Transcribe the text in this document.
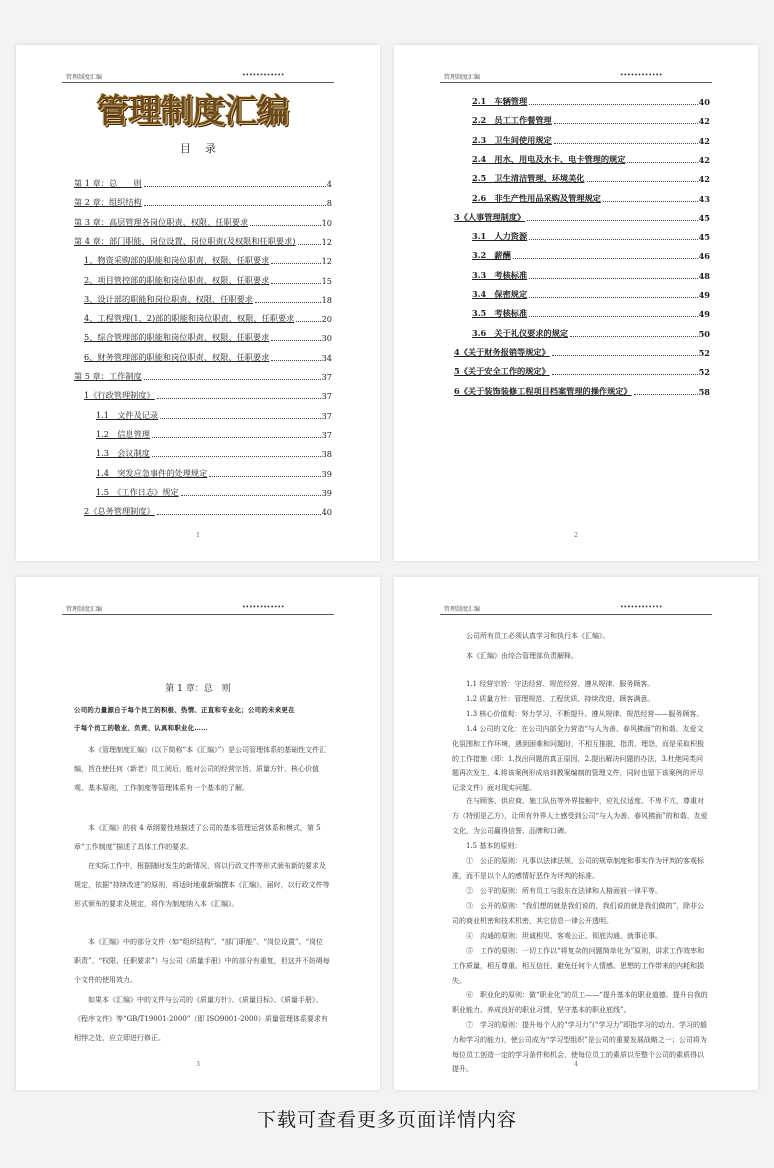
管理制度汇编	••••••••••••
管理制度汇编
目录
第 1 章：总　　则	4
第 2 章：组织结构	8
第 3 章：高层管理各岗位职责、权限、任职要求	10
第 4 章：部门职能、岗位设置、岗位职责(及权限和任职要求)	12
1、物资采购部的职能和岗位职责、权限、任职要求	12
2、项目管控部的职能和岗位职责、权限、任职要求	15
3、设计部的职能和岗位职责、权限、任职要求	18
4、工程管理(1、2)部的职能和岗位职责、权限、任职要求	20
5、综合管理部的职能和岗位职责、权限、任职要求	30
6、财务管理部的职能和岗位职责、权限、任职要求	34
第 5 章：工作制度	37
1《行政管理制度》	37
1.1　文件及记录	37
1.2　信息管理	37
1.3　会议制度	38
1.4　突发应急事件的处理规定	39
1.5　《工作日志》规定	39
2《总务管理制度》	40
1
管理制度汇编	••••••••••••
2.1　车辆管理	40
2.2　员工工作餐管理	42
2.3　卫生间使用规定	42
2.4　用水、用电及水卡、电卡管理的规定	42
2.5　卫生清洁管理、环境美化	42
2.6　非生产性用品采购及管理规定	43
3《人事管理制度》	45
3.1　人力资源	45
3.2　薪酬	46
3.3　考核标准	48
3.4　保密规定	49
3.5　考核标准	49
3.6　关于礼仪要求的规定	50
4《关于财务报销等规定》	52
5《关于安全工作的规定》	52
6《关于装饰装修工程项目档案管理的操作规定》	58
2
管理制度汇编	••••••••••••
第 1 章：总　则
公司的力量源自于每个员工的积极、热情、正直和专业化；公司的未来更在
于每个员工的敬业、负责、认真和职业化……
本《管理制度汇编》（以下简称“本《汇编》”）是公司管理体系的基础性文件汇编，旨在使任何（新老）员工阅后，能对公司的经营宗旨、质量方针、核心价值观、基本原则、工作制度等管理体系有一个基本的了解。
本《汇编》的前 4 章纲要性地描述了公司的基本管理运营体系和模式，第 5 章“工作制度”描述了具体工作的要求。
在实际工作中，根据随时发生的新情况，将以行政文件等形式颁布新的要求及规定，依据“持续改进”的原则，将适时地重新编撰本《汇编》，届时，以行政文件等形式颁布的要求及规定，将作为制度纳入本《汇编》。
本《汇编》中的部分文件（如“组织结构”、“部门职能”、“岗位设置”、“岗位职责”、“权限、任职要求”）与公司《质量手册》中的部分有重复，但这并不妨碍每个文件的使用效力。
如果本《汇编》中的文件与公司的《质量方针》、《质量目标》、《质量手册》、《程序文件》等“GB/T19001-2000”（即 ISO9001-2000）质量管理体系要求有相悖之处，应立即进行修正。
3
管理制度汇编	••••••••••••
公司所有员工必须认真学习和执行本《汇编》。
本《汇编》由综合管理部负责解释。
1.1 经营宗旨：守法经营、规范经营、遵从规律、服务顾客。
1.2 质量方针：管理规范、工程优质、持续改进、顾客满意。
1.3 核心价值观：努力学习、不断提升、遵从规律、规范经营——服务顾客。
1.4 公司的文化：在公司内部全力营造“与人为善、春风拂面”的和谐、友爱文化氛围和工作环境，遇到困难和问题时，不相互推脱、指责、埋怨，而是采取积极的工作措施（即：1.找出问题的真正原因，2.提出解决问题的办法，3.杜绝同类问题再次发生，4.将该案例形成培训教案编制的管理文件，同时也留下该案例的评尽记录文件）面对现实问题。
在与顾客、供应商、施工队伍等外界接触中，应礼仪适度、不卑不亢，尊重对方（特别是乙方），让所有外界人士感受到公司“与人为善、春风拂面”的和谐、友爱文化，为公司赢得信誉、品牌和口碑。
1.5 基本的原则：
①　公正的原则：凡事以法律法规、公司的规章制度和事实作为评判的客观标准，而不是以个人的感情好恶作为评判的标准。
②　公平的原则：所有员工与股东在法律和人格面前一律平等。
③　公开的原则：“我们想的就是我们说的，我们说的就是我们做的”，除非公司的商业机密和技术机密，其它信息一律公开透明。
④　沟通的原则：坦诚相见、客观公正、彻底沟通、就事论事。
⑤　工作的原则：一切工作以“将复杂的问题简单化为”原则，讲求工作效率和工作质量，相互尊重、相互信任，避免任何个人情感、思想的工作带来的内耗和损失。
⑥　职业化的原则：做“职业化”的员工——“提升基本的职业道德、提升自我的职业能力、养成良好的职业习惯，坚守基本的职业底线”。
⑦　学习的原则：提升每个人的“学习力”(“学习力”即指学习的动力、学习的毅力和学习的能力)，使公司成为“学习型组织”是公司的重要发展战略之一；公司将为每位员工创造一定的学习条件和机会，使每位员工的素质以至整个公司的素质得以提升。
4
下载可查看更多页面详情内容
